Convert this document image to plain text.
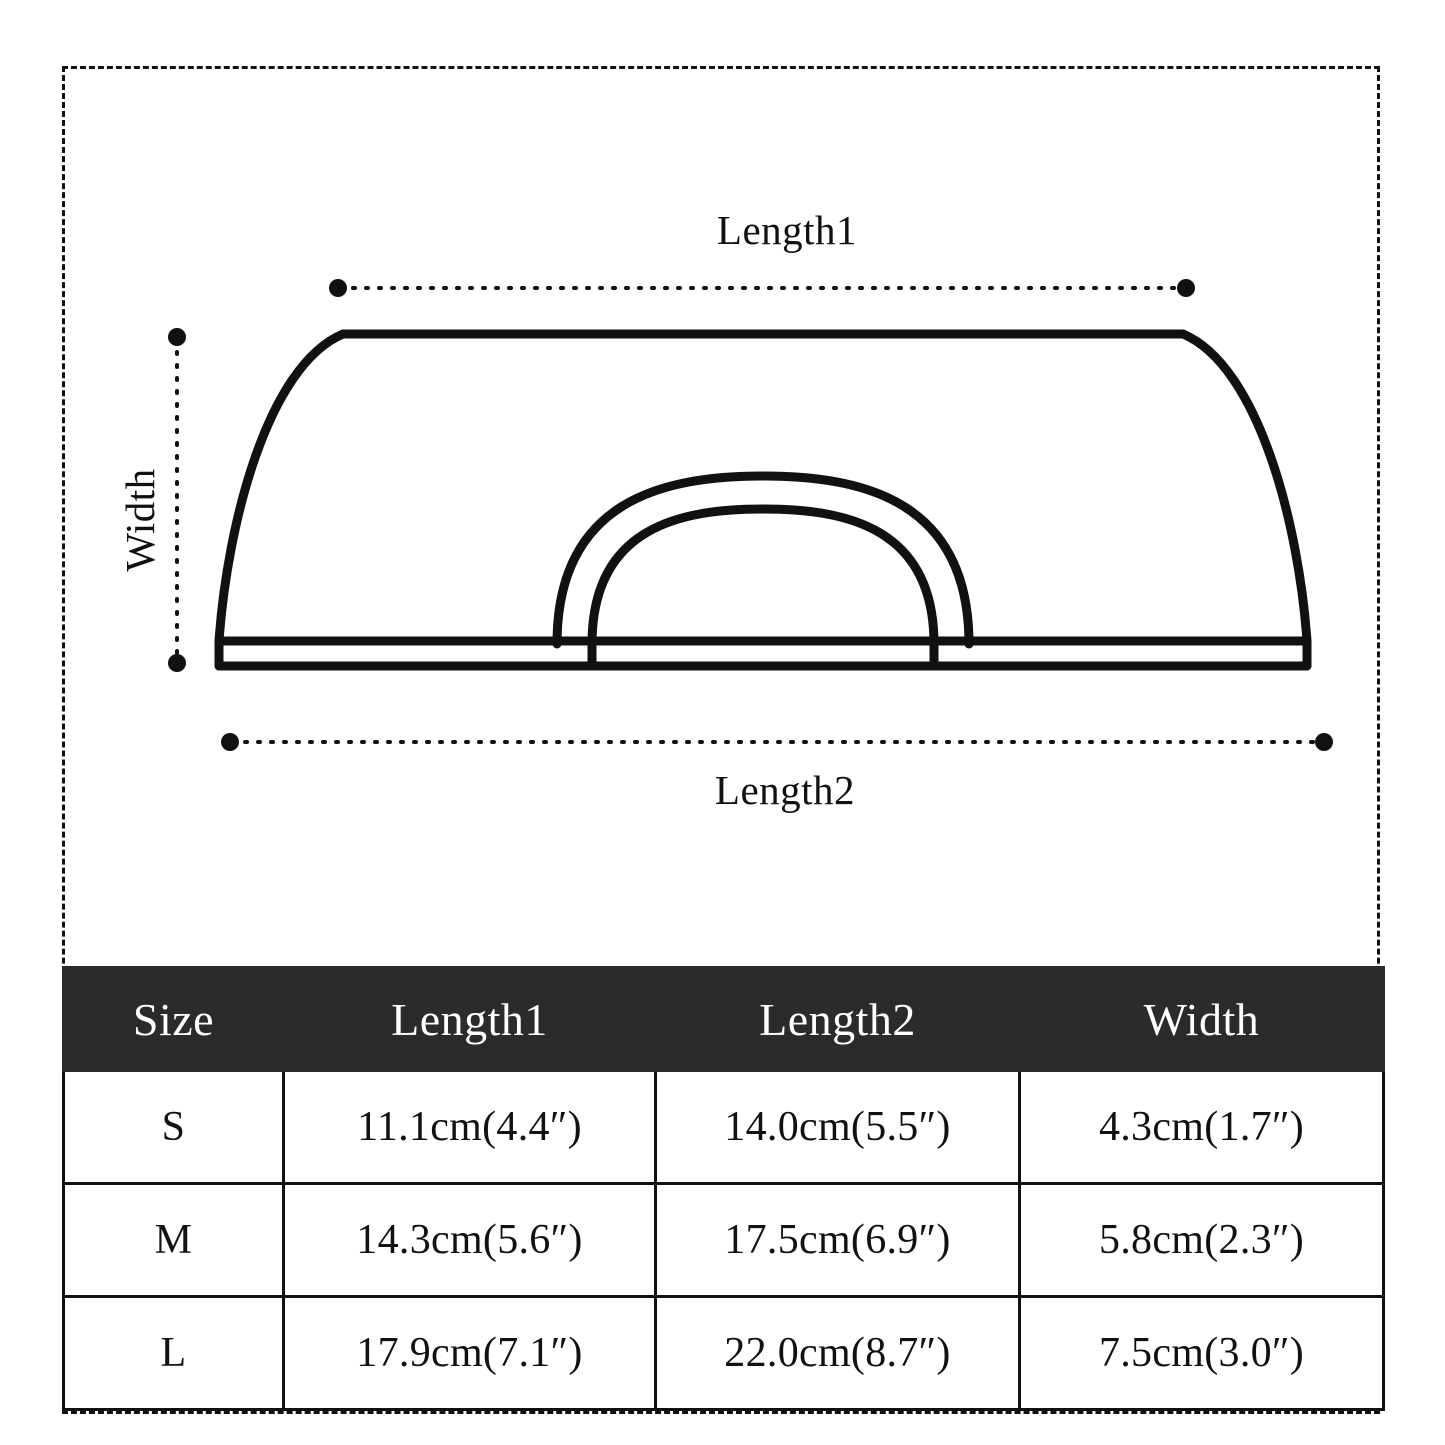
Length1
Length2
Width
Size	Length1	Length2	Width
S	11.1cm(4.4″)	14.0cm(5.5″)	4.3cm(1.7″)
M	14.3cm(5.6″)	17.5cm(6.9″)	5.8cm(2.3″)
L	17.9cm(7.1″)	22.0cm(8.7″)	7.5cm(3.0″)
